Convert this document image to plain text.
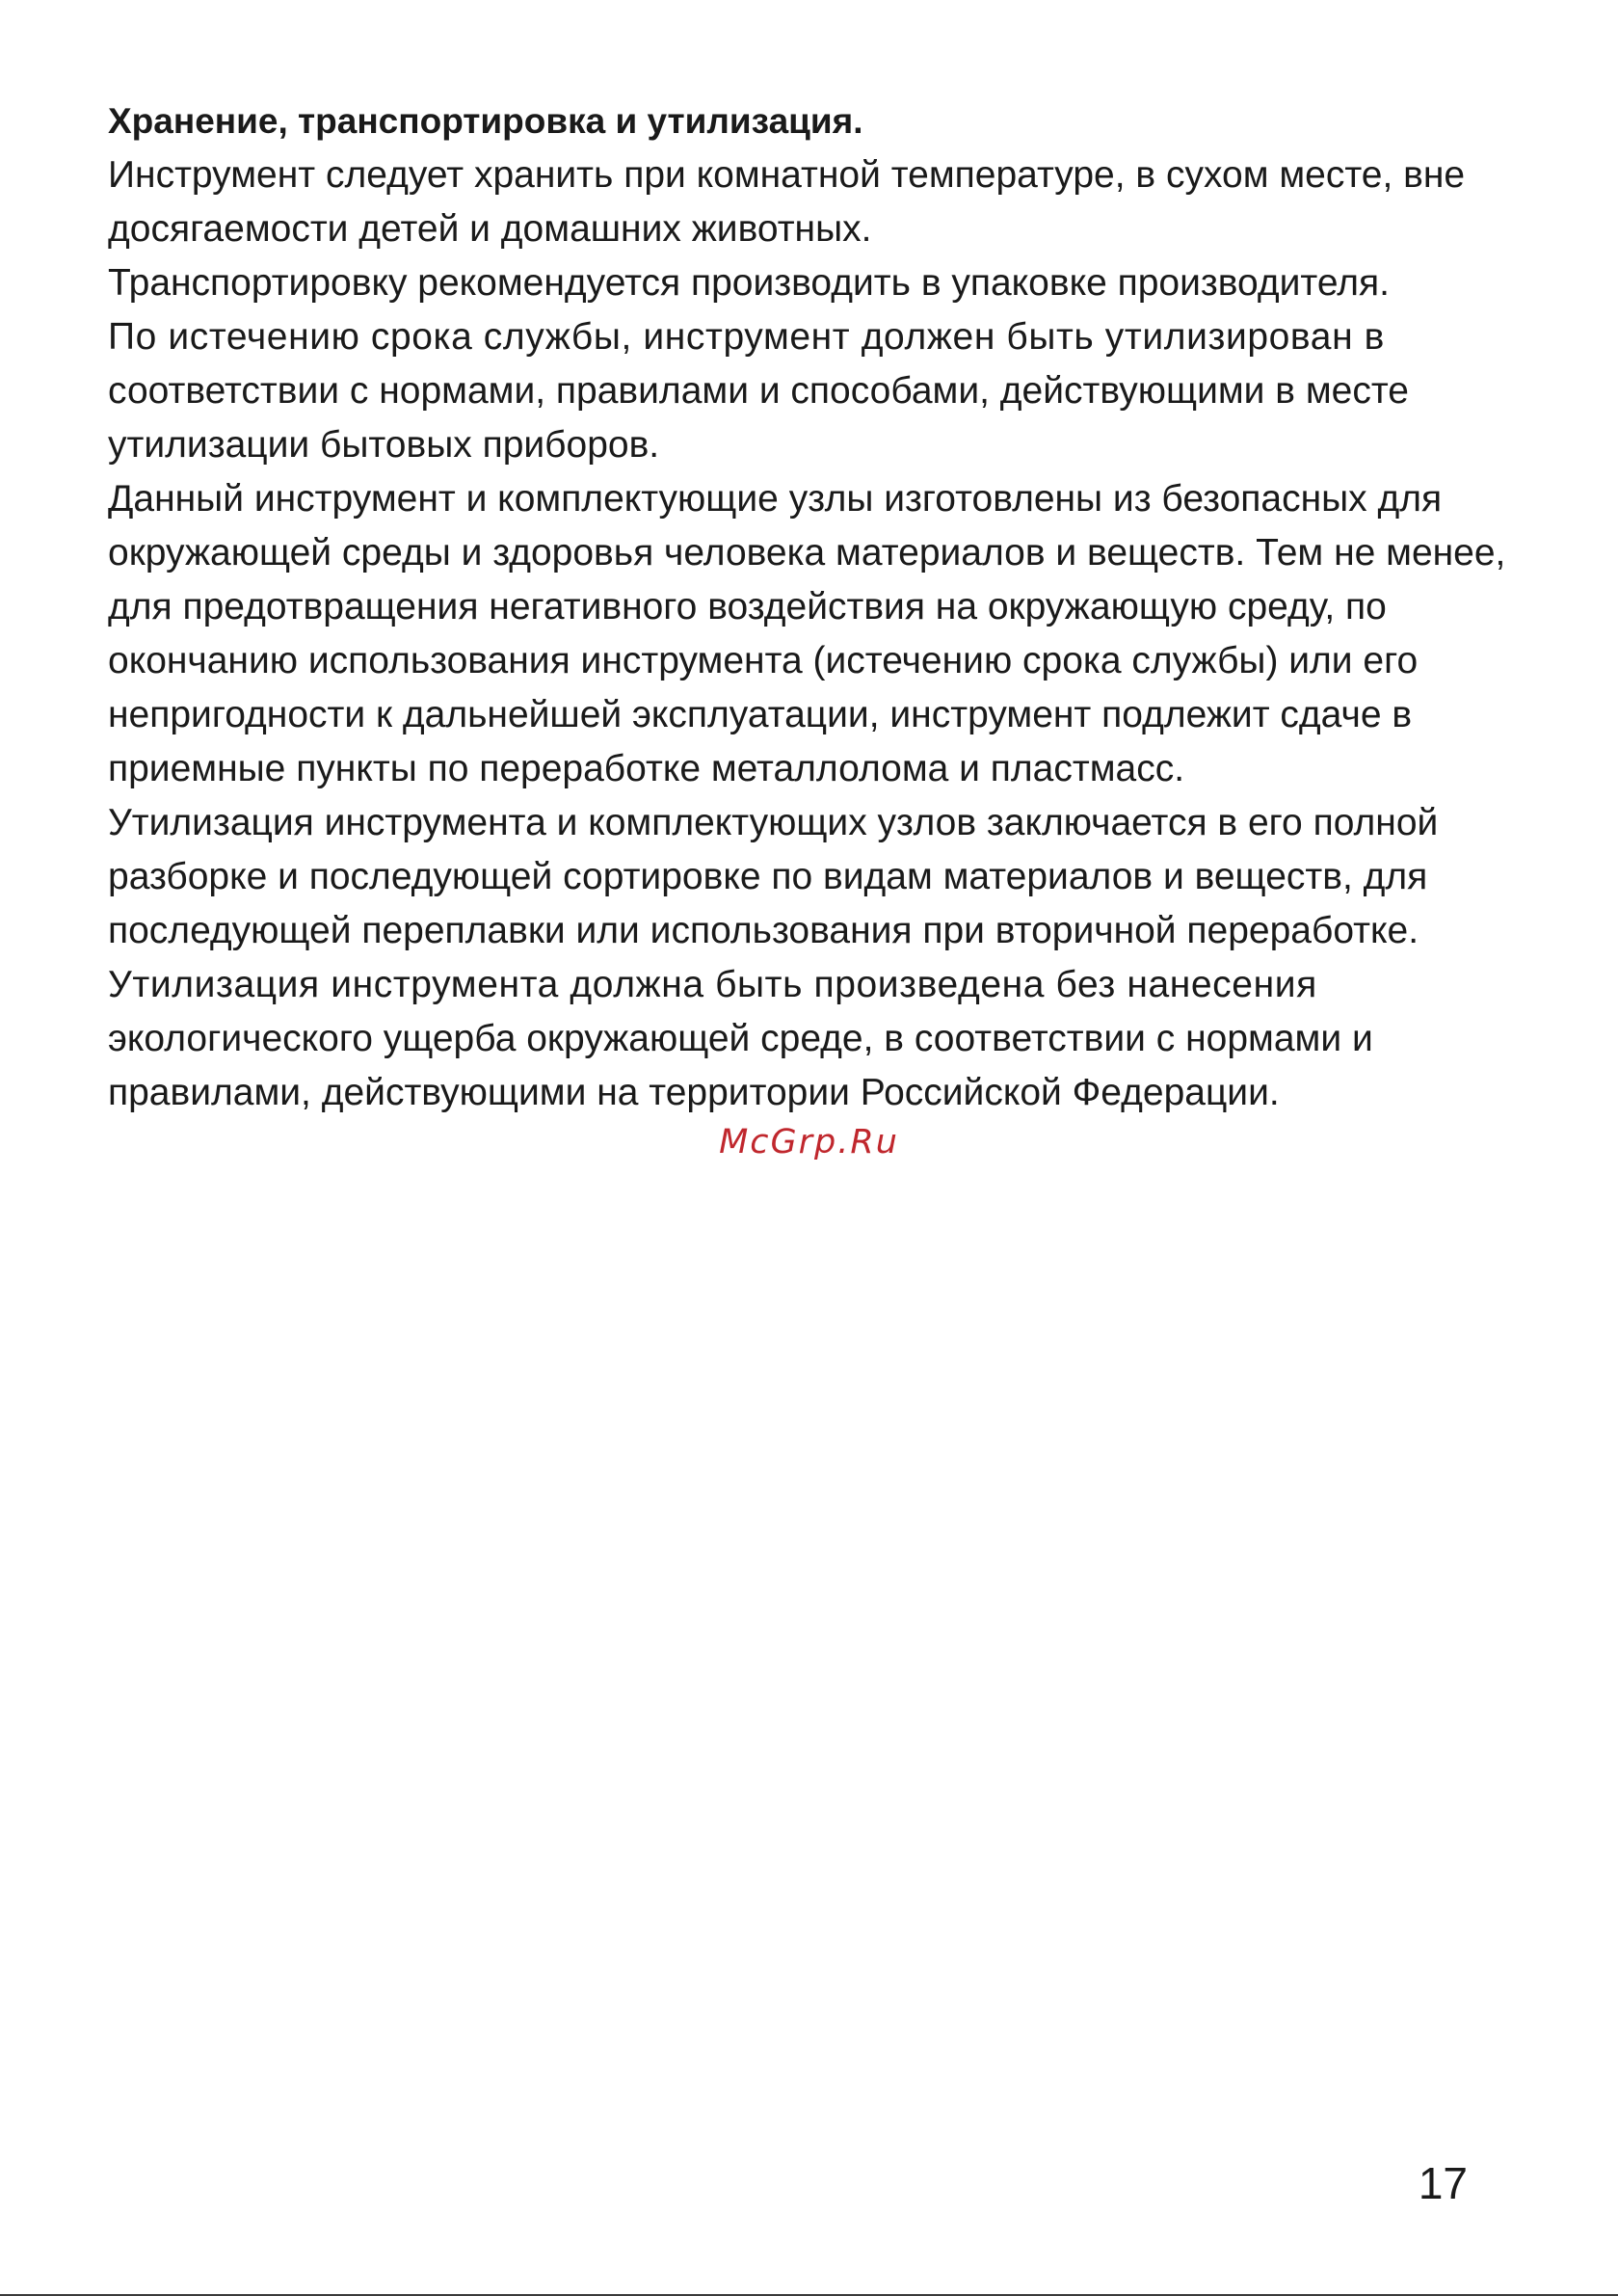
Хранение, транспортировка и утилизация.

Инструмент следует хранить при комнатной температуре, в сухом месте, вне

досягаемости детей и домашних животных.

Транспортировку рекомендуется производить в упаковке производителя.

По истечению срока службы, инструмент должен быть утилизирован в

соответствии с нормами, правилами и способами, действующими в месте

утилизации бытовых приборов.

Данный инструмент и комплектующие узлы изготовлены из безопасных для

окружающей среды и здоровья человека материалов и веществ. Тем не менее,

для предотвращения негативного воздействия на окружающую среду, по

окончанию использования инструмента (истечению срока службы) или его

непригодности к дальнейшей эксплуатации, инструмент подлежит сдаче в

приемные пункты по переработке металлолома и пластмасс.

Утилизация инструмента и комплектующих узлов заключается в его полной

разборке и последующей сортировке по видам материалов и веществ, для

последующей переплавки или использования при вторичной переработке.

Утилизация инструмента должна быть произведена без нанесения

экологического ущерба окружающей среде, в соответствии с нормами и

правилами, действующими на территории Российской Федерации.

McGrp.Ru
17
